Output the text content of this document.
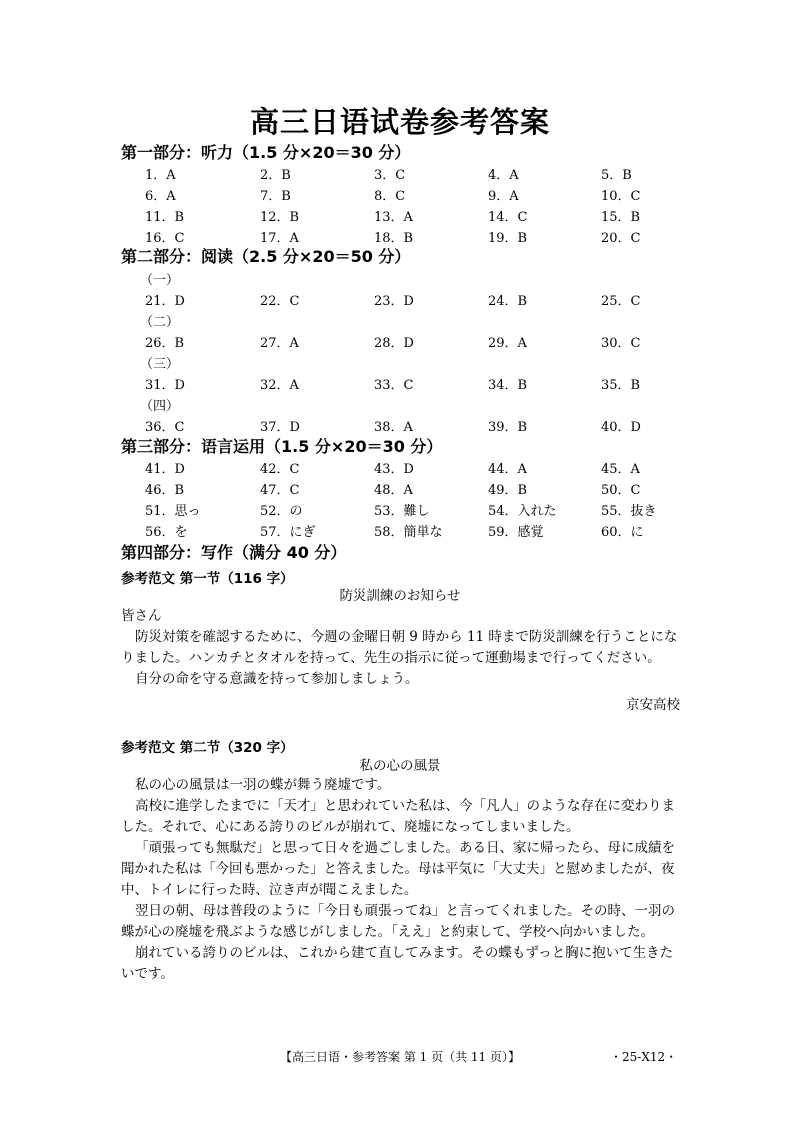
高三日语试卷参考答案
第一部分：听力（1.5 分×20＝30 分）
1．A	2．B	3．C	4．A	5．B
6．A	7．B	8．C	9．A	10．C
11．B	12．B	13．A	14．C	15．B
16．C	17．A	18．B	19．B	20．C
第二部分：阅读（2.5 分×20＝50 分）
（一）
21．D	22．C	23．D	24．B	25．C
（二）
26．B	27．A	28．D	29．A	30．C
（三）
31．D	32．A	33．C	34．B	35．B
（四）
36．C	37．D	38．A	39．B	40．D
第三部分：语言运用（1.5 分×20＝30 分）
41．D	42．C	43．D	44．A	45．A
46．B	47．C	48．A	49．B	50．C
51．思っ	52．の	53．難し	54．入れた	55．抜き
56．を	57．にぎ	58．簡単な	59．感覚	60．に
第四部分：写作（满分 40 分）
参考范文 第一节（116 字）
防災訓練のお知らせ
皆さん

防災対策を確認するために、今週の金曜日朝 9 時から 11 時まで防災訓練を行うことになりました。ハンカチとタオルを持って、先生の指示に従って運動場まで行ってください。

自分の命を守る意識を持って参加しましょう。

京安高校
参考范文 第二节（320 字）
私の心の風景

私の心の風景は一羽の蝶が舞う廃墟です。

高校に進学したまでに「天才」と思われていた私は、今「凡人」のような存在に変わりました。それで、心にある誇りのビルが崩れて、廃墟になってしまいました。

「頑張っても無駄だ」と思って日々を過ごしました。ある日、家に帰ったら、母に成績を聞かれた私は「今回も悪かった」と答えました。母は平気に「大丈夫」と慰めましたが、夜中、トイレに行った時、泣き声が聞こえました。

翌日の朝、母は普段のように「今日も頑張ってね」と言ってくれました。その時、一羽の蝶が心の廃墟を飛ぶような感じがしました。「ええ」と約束して、学校へ向かいました。

崩れている誇りのビルは、これから建て直してみます。その蝶もずっと胸に抱いて生きたいです。

【高三日语・参考答案 第 1 页（共 11 页）】	・25-X12・
